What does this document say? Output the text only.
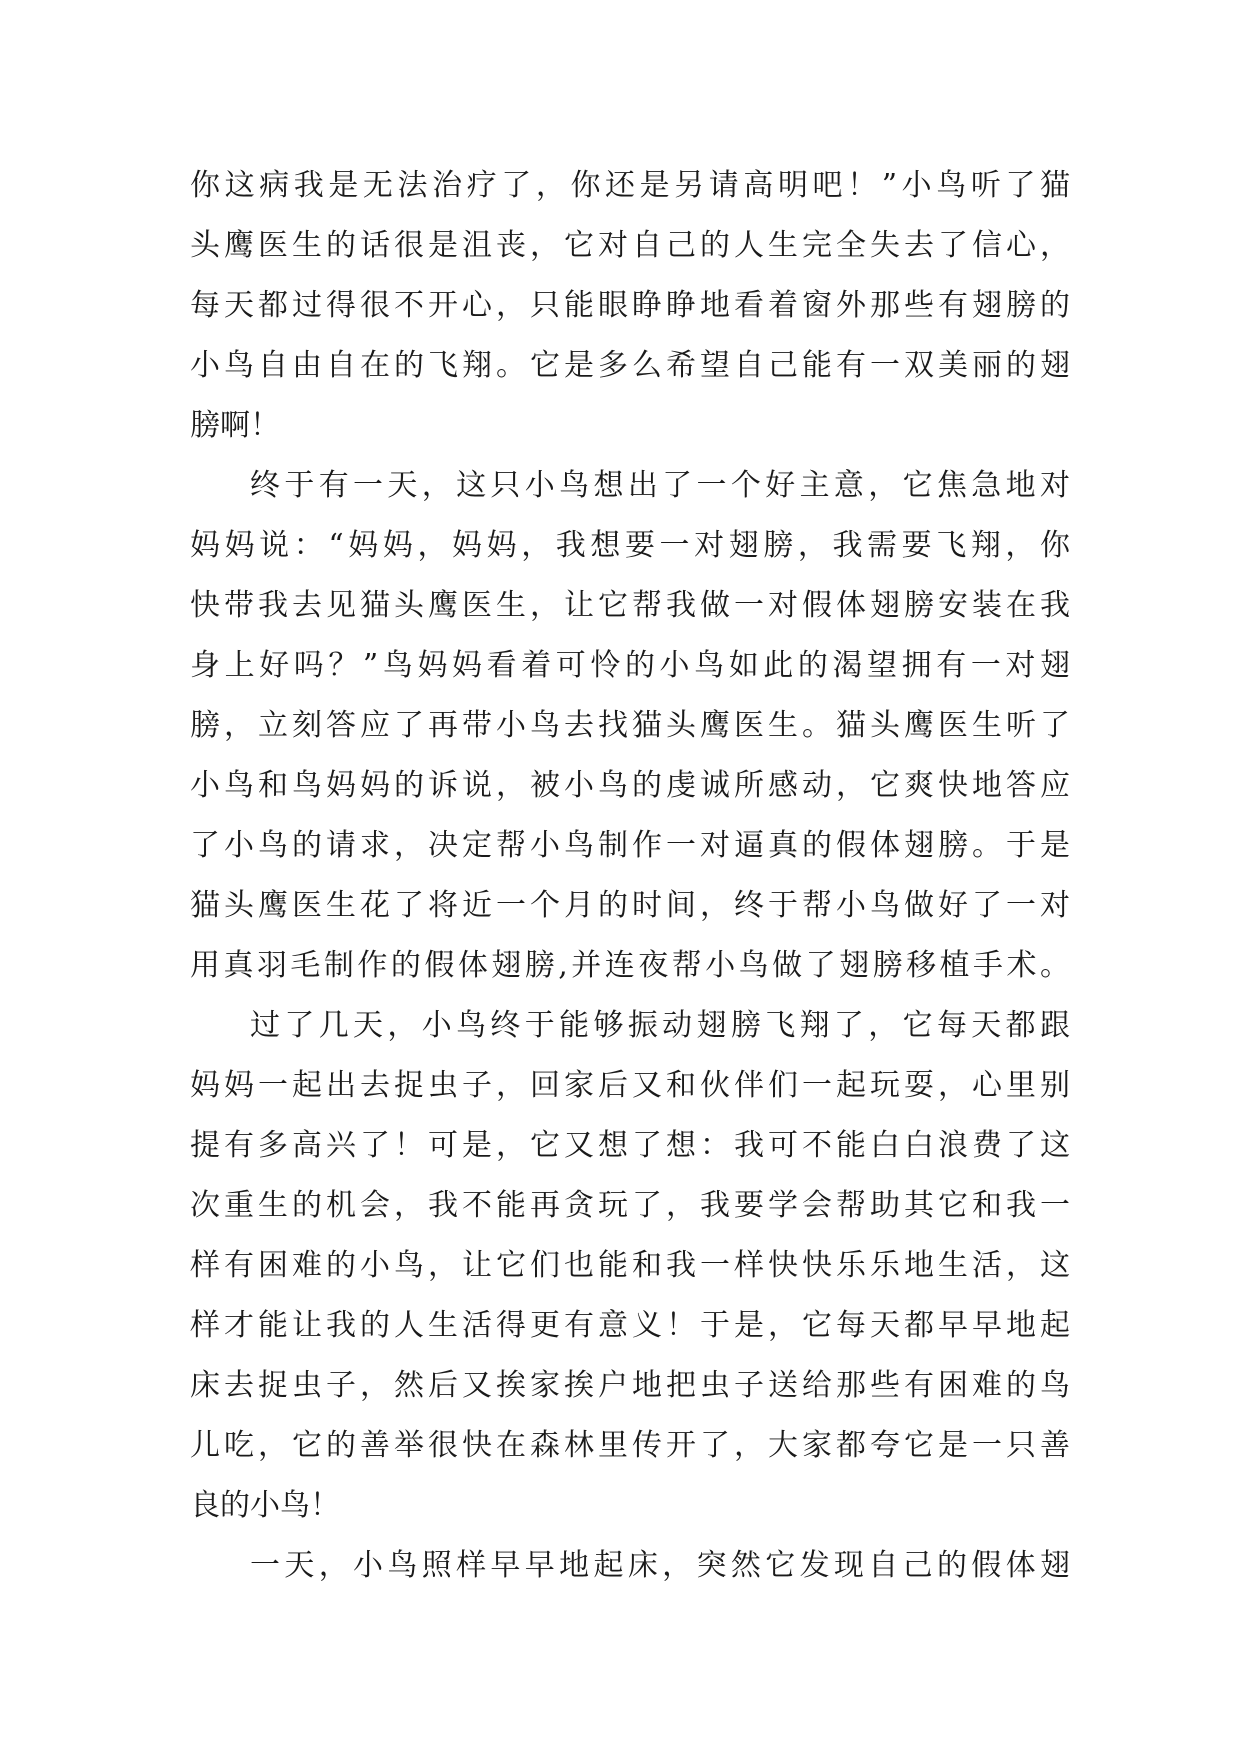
你这病我是无法治疗了，你还是另请高明吧！”小鸟听了猫
头鹰医生的话很是沮丧，它对自己的人生完全失去了信心，
每天都过得很不开心，只能眼睁睁地看着窗外那些有翅膀的
小鸟自由自在的飞翔。它是多么希望自己能有一双美丽的翅
膀啊！
终于有一天，这只小鸟想出了一个好主意，它焦急地对
妈妈说：“妈妈，妈妈，我想要一对翅膀，我需要飞翔，你
快带我去见猫头鹰医生，让它帮我做一对假体翅膀安装在我
身上好吗？”鸟妈妈看着可怜的小鸟如此的渴望拥有一对翅
膀，立刻答应了再带小鸟去找猫头鹰医生。猫头鹰医生听了
小鸟和鸟妈妈的诉说，被小鸟的虔诚所感动，它爽快地答应
了小鸟的请求，决定帮小鸟制作一对逼真的假体翅膀。于是
猫头鹰医生花了将近一个月的时间，终于帮小鸟做好了一对
用真羽毛制作的假体翅膀,并连夜帮小鸟做了翅膀移植手术。
过了几天，小鸟终于能够振动翅膀飞翔了，它每天都跟
妈妈一起出去捉虫子，回家后又和伙伴们一起玩耍，心里别
提有多高兴了！可是，它又想了想：我可不能白白浪费了这
次重生的机会，我不能再贪玩了，我要学会帮助其它和我一
样有困难的小鸟，让它们也能和我一样快快乐乐地生活，这
样才能让我的人生活得更有意义！于是，它每天都早早地起
床去捉虫子，然后又挨家挨户地把虫子送给那些有困难的鸟
儿吃，它的善举很快在森林里传开了，大家都夸它是一只善
良的小鸟！
一天，小鸟照样早早地起床，突然它发现自己的假体翅
